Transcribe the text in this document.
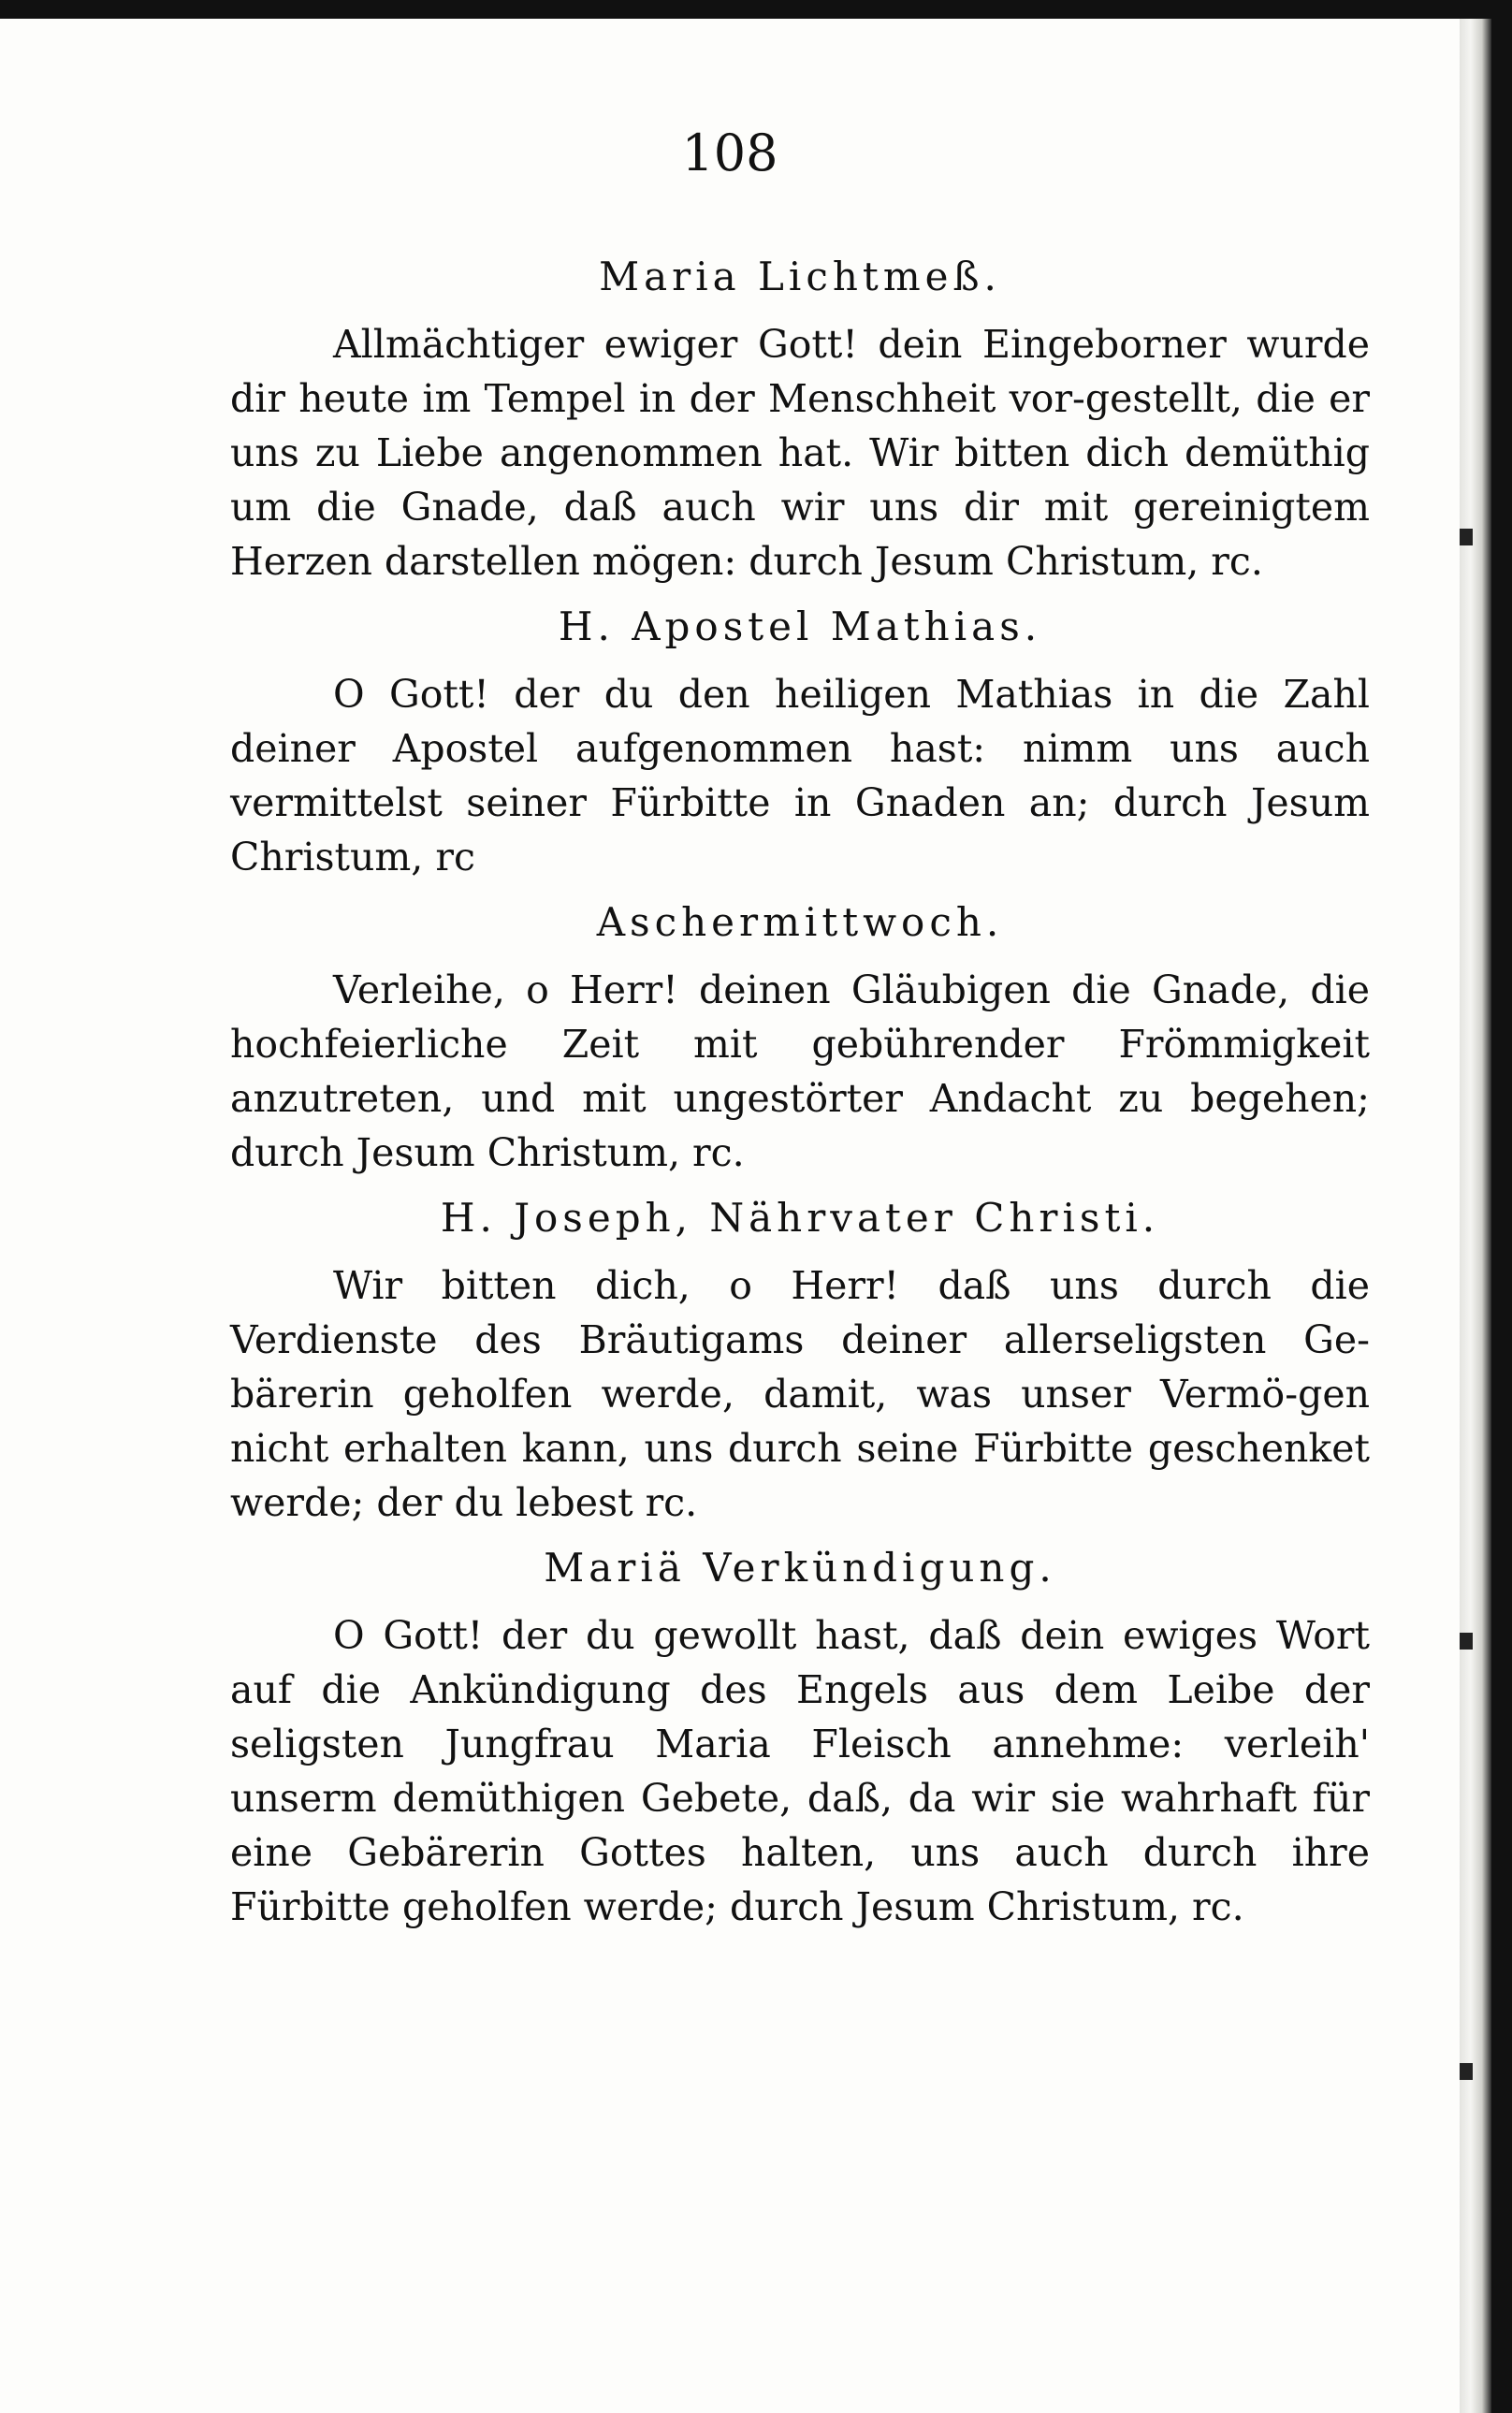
108
Maria Lichtmeß.

Allmächtiger ewiger Gott! dein Eingeborner wurde dir heute im Tempel in der Menschheit vor-gestellt, die er uns zu Liebe angenommen hat. Wir bitten dich demüthig um die Gnade, daß auch wir uns dir mit gereinigtem Herzen darstellen mögen: durch Jesum Christum, rc.

H. Apostel Mathias.

O Gott! der du den heiligen Mathias in die Zahl deiner Apostel aufgenommen hast: nimm uns auch vermittelst seiner Fürbitte in Gnaden an; durch Jesum Christum, rc

Aschermittwoch.

Verleihe, o Herr! deinen Gläubigen die Gnade, die hochfeierliche Zeit mit gebührender Frömmigkeit anzutreten, und mit ungestörter Andacht zu begehen; durch Jesum Christum, rc.

H. Joseph, Nährvater Christi.

Wir bitten dich, o Herr! daß uns durch die Verdienste des Bräutigams deiner allerseligsten Ge-bärerin geholfen werde, damit, was unser Vermö-gen nicht erhalten kann, uns durch seine Fürbitte geschenket werde; der du lebest rc.

Mariä Verkündigung.

O Gott! der du gewollt hast, daß dein ewiges Wort auf die Ankündigung des Engels aus dem Leibe der seligsten Jungfrau Maria Fleisch annehme: verleih' unserm demüthigen Gebete, daß, da wir sie wahrhaft für eine Gebärerin Gottes halten, uns auch durch ihre Fürbitte geholfen werde; durch Jesum Christum, rc.
